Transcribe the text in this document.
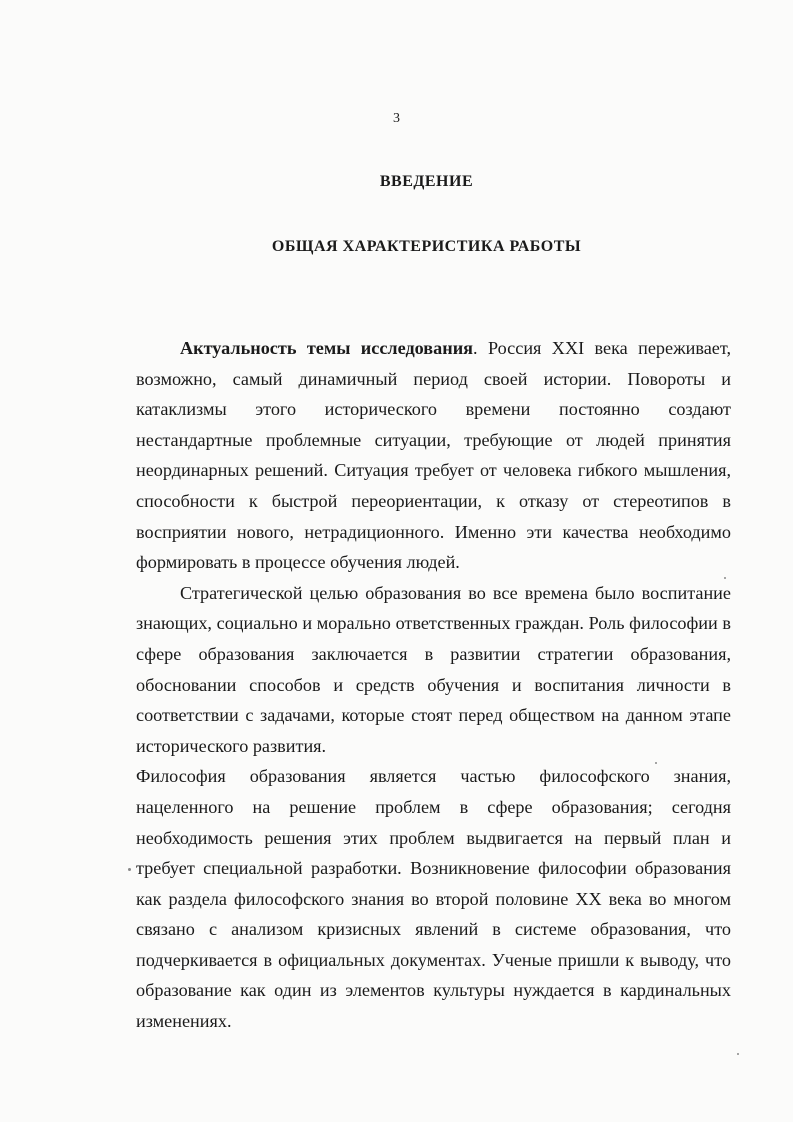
3
ВВЕДЕНИЕ
ОБЩАЯ ХАРАКТЕРИСТИКА РАБОТЫ

Актуальность темы исследования. Россия XXI века переживает, возможно, самый динамичный период своей истории. Повороты и катаклизмы этого исторического времени постоянно создают нестандартные проблемные ситуации, требующие от людей принятия неординарных решений. Ситуация требует от человека гибкого мышления, способности к быстрой переориентации, к отказу от стереотипов в восприятии нового, нетрадиционного. Именно эти качества необходимо формировать в процессе обучения людей.

Стратегической целью образования во все времена было воспитание знающих, социально и морально ответственных граждан. Роль философии в сфере образования заключается в развитии стратегии образования, обосновании способов и средств обучения и воспитания личности в соответствии с задачами, которые стоят перед обществом на данном этапе исторического развития.

Философия образования является частью философского знания, нацеленного на решение проблем в сфере образования; сегодня необходимость решения этих проблем выдвигается на первый план и требует специальной разработки. Возникновение философии образования как раздела философского знания во второй половине XX века во многом связано с анализом кризисных явлений в системе образования, что подчеркивается в официальных документах. Ученые пришли к выводу, что образование как один из элементов культуры нуждается в кардинальных изменениях.
